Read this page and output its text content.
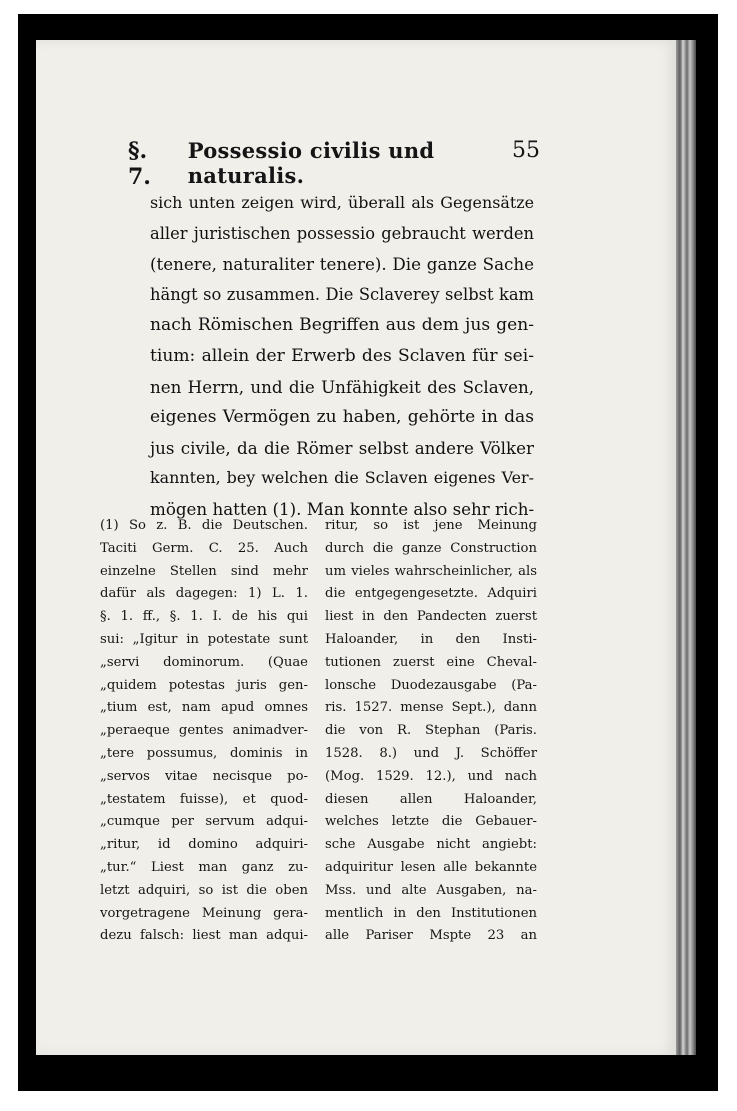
§. 7.
Possessio civilis und naturalis.
55
sich unten zeigen wird, überall als Gegensätze
aller juristischen possessio gebraucht werden
(tenere, naturaliter tenere). Die ganze Sache
hängt so zusammen. Die Sclaverey selbst kam
nach Römischen Begriffen aus dem jus gen-
tium: allein der Erwerb des Sclaven für sei-
nen Herrn, und die Unfähigkeit des Sclaven,
eigenes Vermögen zu haben, gehörte in das
jus civile, da die Römer selbst andere Völker
kannten, bey welchen die Sclaven eigenes Ver-
mögen hatten (1). Man konnte also sehr rich-
(1) So z. B. die Deutschen.
Taciti Germ. C. 25. Auch
einzelne Stellen sind mehr
dafür als dagegen: 1) L. 1.
§. 1. ff., §. 1. I. de his qui
sui: „Igitur in potestate sunt
„servi dominorum. (Quae
„quidem potestas juris gen-
„tium est, nam apud omnes
„peraeque gentes animadver-
„tere possumus, dominis in
„servos vitae necisque po-
„testatem fuisse), et quod-
„cumque per servum adqui-
„ritur, id domino adquiri-
„tur.“ Liest man ganz zu-
letzt adquiri, so ist die oben
vorgetragene Meinung gera-
dezu falsch: liest man adqui-
ritur, so ist jene Meinung
durch die ganze Construction
um vieles wahrscheinlicher, als
die entgegengesetzte. Adquiri
liest in den Pandecten zuerst
Haloander, in den Insti-
tutionen zuerst eine Cheval-
lonsche Duodezausgabe (Pa-
ris. 1527. mense Sept.), dann
die von R. Stephan (Paris.
1528. 8.) und J. Schöffer
(Mog. 1529. 12.), und nach
diesen allen Haloander,
welches letzte die Gebauer-
sche Ausgabe nicht angiebt:
adquiritur lesen alle bekannte
Mss. und alte Ausgaben, na-
mentlich in den Institutionen
alle Pariser Mspte 23 an
